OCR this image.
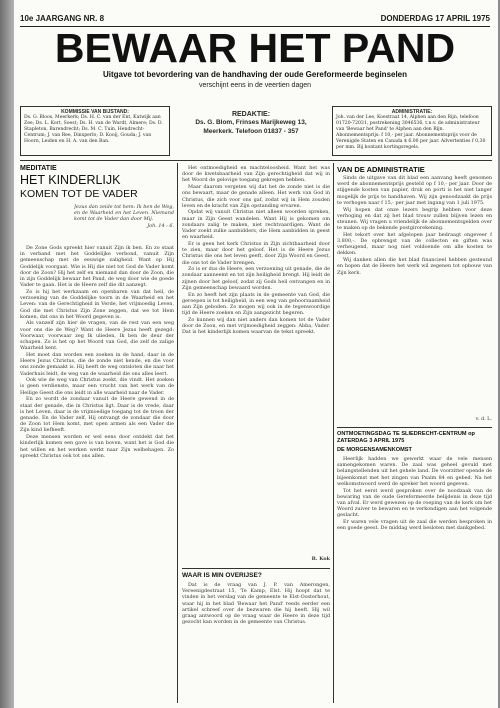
10e JAARGANG NR. 8	DONDERDAG 17 APRIL 1975
BEWAAR HET PAND
Uitgave tot bevordering van de handhaving der oude Gereformeerde beginselen
verschijnt eens in de veertien dagen
KOMMISSIE VAN BIJSTAND:
Ds. G. Bloos, Meerkerk; Ds. H. C. van der Ent, Katwijk aan Zee; Ds. L. Kort, Soest; Ds. H. van de Wardt, Almere; Ds. D. Stapleton, Barendrecht; Ds. M. C. Tuin, Hendrecht-Centrum; J. van Ree, Dinxperlo; D. Kooij, Gouda; J. van Hoorn, Leiden en H. A. van den Ban.
REDAKTIE:
Ds. G. Blom, Frinses Marijkeweg 13,
Meerkerk. Telefoon 01837 - 357
ADMINISTRATIE:
Joh. van der Lee, Koestraat 14, Alphen aan den Rijn, telefoon 01720-72031, postrekening 3046536, t.n.v. de administrateur van 'Bewaar het Pand' te Alphen aan den Rijn. Abonnementsprijs: f 10,- per jaar. Abonnementsprijs voor de Verenigde Staten en Canada $ 6.00 per jaar. Advertenties f 0,30 per mm. Bij kontant kortingsregels.
MEDITATIE
HET KINDERLIJK
KOMEN TOT DE VADER
Jezus dan zeide tot hem: Ik ben de Weg, en de Waarheid en het Leven. Niemand komt tot de Vader dan door Mij.
Joh. 14 : 6.

De Zone Gods spreekt hier vanuit Zijn ik ben. En zo staat in verband met het Goddelijke verbond, vanuit Zijn gemeenschap met de eeuwige zaligheid. Want op Hij Goddelijk voorgaat. Wie is Hij die niet tot God de Vader komt door de Zoon? Hij het zelf en niemand dan door de Zoon, die in zijn Goddelijk bewaar het Pand, de weg door wie de goede Vader te gaan. Het is de Heere zelf die dit aanzegt.

Zo is hij het werkzaam en openbaren van dat heil, de verzoening van de Goddelijke toorn in de Waarheid en het Leven: van de Gerechtigheid in Verde, het vrijmoedig Leven, God die met Christus Zijn Zone zeggen, dat we tot Hem komen, dat ons in het Woord gegeven is.

Als vanzelf zijn hier de vragen, van de rest van een weg voor ons die de Weg? Want de Heere Jezus heeft gezegd: Voorwaar, voorwaar zeg Ik ulieden, Ik ben de deur der schapen. Zo is het op het Woord van God, die zelf de zalige Waarheid kent.

Het moet dan worden een zoeken in de hand, daar in de Heere Jezus Christus, die de zonde niet kende, en die voor ons zonde gemaakt is. Hij heeft de weg ontsloten die naar het Vaderhuis leidt, de weg van de waarheid die ons alles leert.

Ook wie de weg van Christus zoekt, die vindt. Het zoeken is geen verdienste, maar een vrucht van het werk van de Heilige Geest die ons leidt in alle waarheid naar de Vader.

En zo wordt de zondaar vanuit de Heere gewend in de staat der genade, die in Christus ligt. Daar is de vrede, daar is het Leven, daar is de vrijmoedige toegang tot de troon der genade. En de Vader zelf, Hij ontvangt de zondaar die door de Zoon tot Hem komt, met open armen als een Vader die Zijn kind liefheeft.

Deze mensen worden er wel eens door ontdekt dat het kinderlijk komen een gave is van boven, want het is God die het willen en het werken werkt naar Zijn welbehagen. Zo spreekt Christus ook tot ons allen.

Het ontmoedigheid en machteloosheid. Want het was door de kwetsbaarheid van Zijn gerechtigheid dat wij in het Woord de gelovige toegang gekregen hebben.

Maar daarom vergeten wij dat het de zonde niet is die ons bewaart, maar de genade alleen. Het werk van God in Christus, die zich voor ons gaf, zodat wij in Hem zouden leven en de kracht van Zijn opstanding ervaren.

Opdat wij vanuit Christus niet alleen woorden spreken, maar in Zijn Geest wandelen. Want Hij is gekomen om zondaars zalig te maken, niet rechtvaardigen. Want de Vader zoekt zulke aanbidders, die Hem aanbidden in geest en waarheid.

Er is geen het kerk Christus in Zijn zichtbaarheid door te zien, maar door het geloof. Het is de Heere Jezus Christus die ons het leven geeft, door Zijn Woord en Geest, die ons tot de Vader brengen.

Zo is er dus de Heere, een verzoening uit genade, die de zondaar aanneemt en tot zijn heiligheid brengt. Hij leidt de zijnen door het geloof, zodat zij Gods heil ontvangen en in Zijn gemeenschap bewaard worden.

En zo heeft het zijn plaats in de gemeente van God, die geroepen is tot heiligheid, in een weg van gehoorzaamheid aan Zijn geboden. Zo mogen wij ook in de tegenwoordige tijd de Heere zoeken en Zijn aangezicht begeren.

Zo kunnen wij dan niet anders dan komen tot de Vader door de Zoon, en met vrijmoedigheid zeggen: Abba, Vader. Dat is het kinderlijk komen waarvan de tekst spreekt.

B. Kok
WAAR IS MIN OVERIJSE?

Dat is de vraag van J. P. van Amerongen, Vereenigdestraat 15, 'Te Kamp, Elst. Hij hoopt dat te vinden in het verslag van de gemeente te Elst-Oosterhout, waar hij in het blad 'Bewaar het Pand' reeds eerder een artikel schreef over de bezwaren die hij heeft. Hij wil graag antwoord op de vraag waar de Heere in deze tijd gezocht kan worden in de gemeente van Christus.

VAN DE ADMINISTRATIE

Sinds de uitgave van dit blad een aanvang heeft genomen werd de abonnementsprijs gesteld op f 10,- per jaar. Door de stijgende kosten van papier, druk en porti is het niet langer mogelijk de prijs te handhaven. Wij zijn genoodzaakt de prijs te verhogen naar f 15,- per jaar met ingang van 1 juli 1975.

Wij hopen dat onze lezers begrip hebben voor deze verhoging en dat zij het blad trouw zullen blijven lezen en steunen. Wij vragen u vriendelijk de abonnementsgelden over te maken op de bekende postgirorekening.

Het tekort over het afgelopen jaar bedraagt ongeveer f 3.800,-. De opbrengst van de collecten en giften was verheugend, maar nog niet voldoende om alle kosten te dekken.

Wij danken allen die het blad financieel hebben gesteund en hopen dat de Heere het werk wil zegenen tot opbouw van Zijn kerk.

v. d. L.
ONTMOETINGSDAG TE SLIEDRECHT-CENTRUM op ZATERDAG 3 APRIL 1975
DE MORGENSAMENKOMST

Heerlijk hadden we gewerkt waar de vele mensen samengekomen waren. De zaal was geheel gevuld met belangstellenden uit het gehele land. De voorzitter opende de bijeenkomst met het zingen van Psalm 84 en gebed. Na het welkomstwoord werd de spreker het woord gegeven.

Tot het eerst werd gesproken over de noodzaak van de bewaring van de oude Gereformeerde belijdenis in deze tijd van afval. Er werd gewezen op de roeping van de kerk om het Woord zuiver te bewaren en te verkondigen aan het volgende geslacht.

Er waren vele vragen uit de zaal die werden besproken in een goede geest. De middag werd besloten met dankgebed.
